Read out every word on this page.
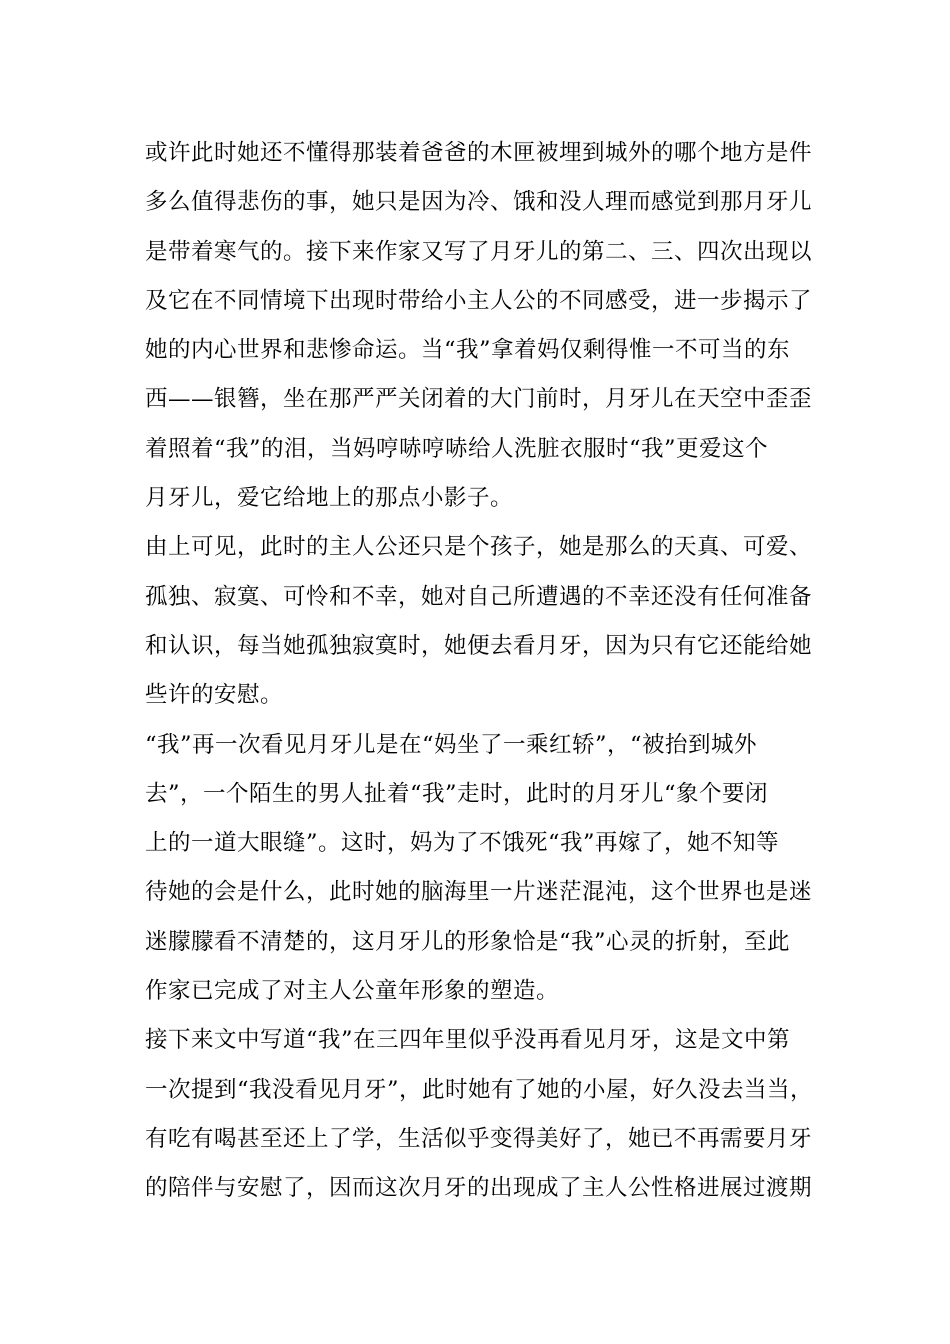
或许此时她还不懂得那装着爸爸的木匣被埋到城外的哪个地方是件
多么值得悲伤的事，她只是因为冷、饿和没人理而感觉到那月牙儿
是带着寒气的。接下来作家又写了月牙儿的第二、三、四次出现以
及它在不同情境下出现时带给小主人公的不同感受，进一步揭示了
她的内心世界和悲惨命运。当“我”拿着妈仅剩得惟一不可当的东
西——银簪，坐在那严严关闭着的大门前时，月牙儿在天空中歪歪
着照着“我”的泪，当妈哼哧哼哧给人洗脏衣服时“我”更爱这个
月牙儿，爱它给地上的那点小影子。
由上可见，此时的主人公还只是个孩子，她是那么的天真、可爱、
孤独、寂寞、可怜和不幸，她对自己所遭遇的不幸还没有任何准备
和认识，每当她孤独寂寞时，她便去看月牙，因为只有它还能给她
些许的安慰。
“我”再一次看见月牙儿是在“妈坐了一乘红轿”，“被抬到城外
去”，一个陌生的男人扯着“我”走时，此时的月牙儿“象个要闭
上的一道大眼缝”。这时，妈为了不饿死“我”再嫁了，她不知等
待她的会是什么，此时她的脑海里一片迷茫混沌，这个世界也是迷
迷朦朦看不清楚的，这月牙儿的形象恰是“我”心灵的折射，至此
作家已完成了对主人公童年形象的塑造。
接下来文中写道“我”在三四年里似乎没再看见月牙，这是文中第
一次提到“我没看见月牙”，此时她有了她的小屋，好久没去当当，
有吃有喝甚至还上了学，生活似乎变得美好了，她已不再需要月牙
的陪伴与安慰了，因而这次月牙的出现成了主人公性格进展过渡期
